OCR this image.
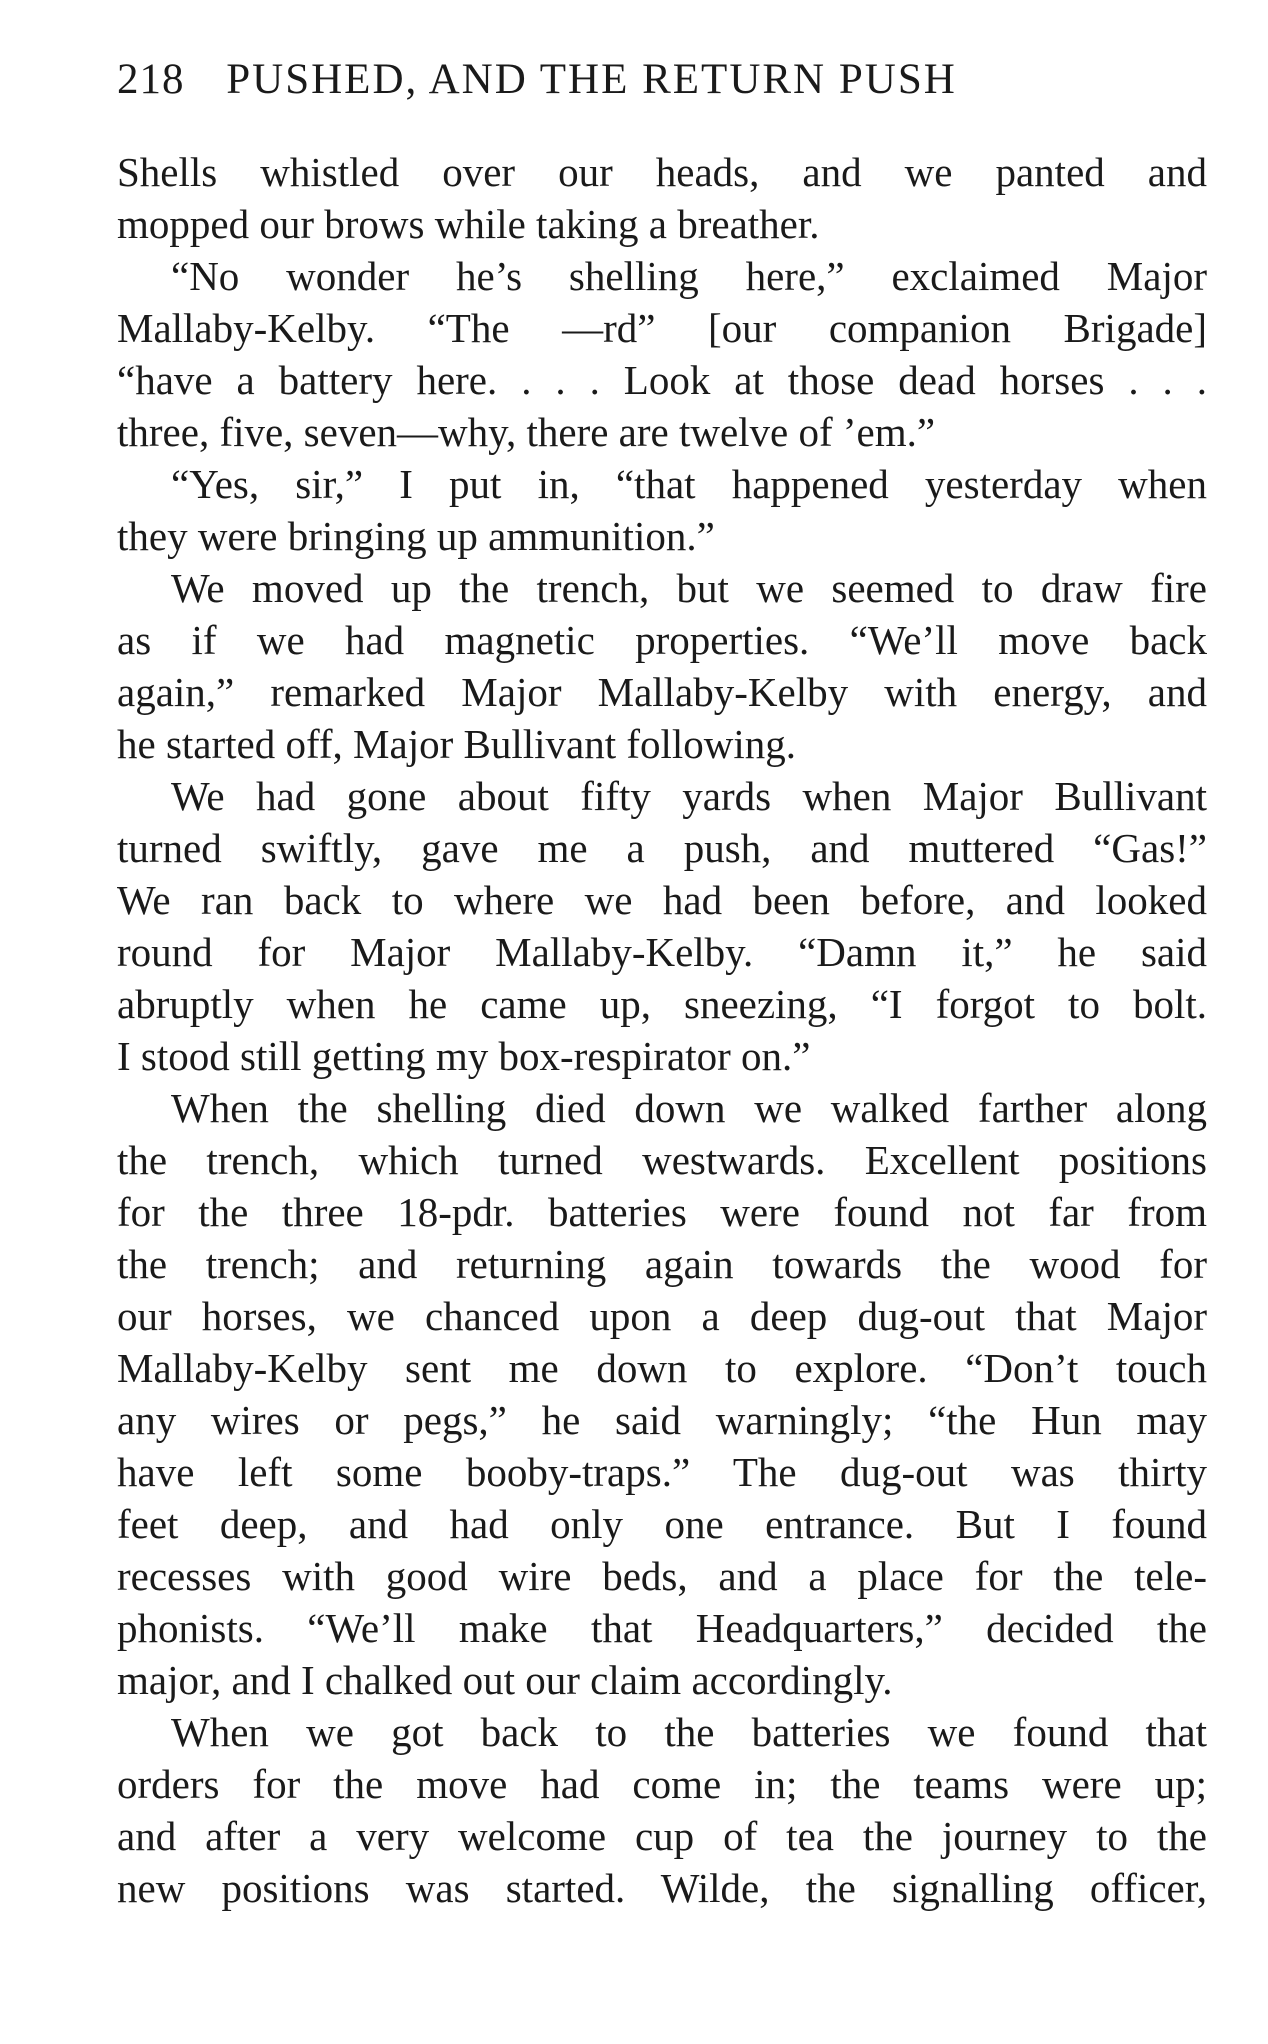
218 PUSHED, AND THE RETURN PUSH
Shells whistled over our heads, and we panted and
mopped our brows while taking a breather.
“No wonder he’s shelling here,” exclaimed Major
Mallaby-Kelby. “The —rd” [our companion Brigade]
“have a battery here. . . . Look at those dead horses . . .
three, five, seven—why, there are twelve of ’em.”
“Yes, sir,” I put in, “that happened yesterday when
they were bringing up ammunition.”
We moved up the trench, but we seemed to draw fire
as if we had magnetic properties. “We’ll move back
again,” remarked Major Mallaby-Kelby with energy, and
he started off, Major Bullivant following.
We had gone about fifty yards when Major Bullivant
turned swiftly, gave me a push, and muttered “Gas!”
We ran back to where we had been before, and looked
round for Major Mallaby-Kelby. “Damn it,” he said
abruptly when he came up, sneezing, “I forgot to bolt.
I stood still getting my box-respirator on.”
When the shelling died down we walked farther along
the trench, which turned westwards. Excellent positions
for the three 18-pdr. batteries were found not far from
the trench; and returning again towards the wood for
our horses, we chanced upon a deep dug-out that Major
Mallaby-Kelby sent me down to explore. “Don’t touch
any wires or pegs,” he said warningly; “the Hun may
have left some booby-traps.” The dug-out was thirty
feet deep, and had only one entrance. But I found
recesses with good wire beds, and a place for the tele-
phonists. “We’ll make that Headquarters,” decided the
major, and I chalked out our claim accordingly.
When we got back to the batteries we found that
orders for the move had come in; the teams were up;
and after a very welcome cup of tea the journey to the
new positions was started. Wilde, the signalling officer,
